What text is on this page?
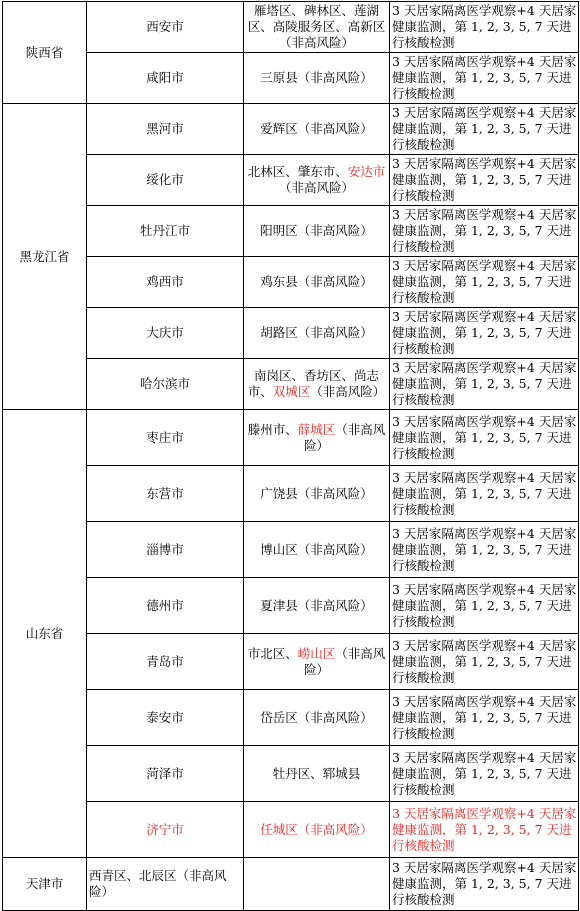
陕西省	西安市	雁塔区、碑林区、莲湖区、高陵服务区、高新区（非高风险）	3 天居家隔离医学观察+4 天居家健康监测，第 1, 2, 3, 5, 7 天进行核酸检测
	咸阳市	三原县（非高风险）	3 天居家隔离医学观察+4 天居家健康监测，第 1, 2, 3, 5, 7 天进行核酸检测
黑龙江省	黑河市	爱辉区（非高风险）	3 天居家隔离医学观察+4 天居家健康监测，第 1, 2, 3, 5, 7 天进行核酸检测
	绥化市	北林区、肇东市、安达市（非高风险）	3 天居家隔离医学观察+4 天居家健康监测，第 1, 2, 3, 5, 7 天进行核酸检测
	牡丹江市	阳明区（非高风险）	3 天居家隔离医学观察+4 天居家健康监测，第 1, 2, 3, 5, 7 天进行核酸检测
	鸡西市	鸡东县（非高风险）	3 天居家隔离医学观察+4 天居家健康监测，第 1, 2, 3, 5, 7 天进行核酸检测
	大庆市	胡路区（非高风险）	3 天居家隔离医学观察+4 天居家健康监测，第 1, 2, 3, 5, 7 天进行核酸检测
	哈尔滨市	南岗区、香坊区、尚志市、双城区（非高风险）	3 天居家隔离医学观察+4 天居家健康监测，第 1, 2, 3, 5, 7 天进行核酸检测
山东省	枣庄市	滕州市、薛城区（非高风险）	3 天居家隔离医学观察+4 天居家健康监测，第 1, 2, 3, 5, 7 天进行核酸检测
	东营市	广饶县（非高风险）	3 天居家隔离医学观察+4 天居家健康监测，第 1, 2, 3, 5, 7 天进行核酸检测
	淄博市	博山区（非高风险）	3 天居家隔离医学观察+4 天居家健康监测，第 1, 2, 3, 5, 7 天进行核酸检测
	德州市	夏津县（非高风险）	3 天居家隔离医学观察+4 天居家健康监测，第 1, 2, 3, 5, 7 天进行核酸检测
	青岛市	市北区、崂山区（非高风险）	3 天居家隔离医学观察+4 天居家健康监测，第 1, 2, 3, 5, 7 天进行核酸检测
	泰安市	岱岳区（非高风险）	3 天居家隔离医学观察+4 天居家健康监测，第 1, 2, 3, 5, 7 天进行核酸检测
	菏泽市	牡丹区、郓城县	3 天居家隔离医学观察+4 天居家健康监测，第 1, 2, 3, 5, 7 天进行核酸检测
	济宁市	任城区（非高风险）	3 天居家隔离医学观察+4 天居家健康监测，第 1, 2, 3, 5, 7 天进行核酸检测
天津市	西青区、北辰区（非高风险）		3 天居家隔离医学观察+4 天居家健康监测，第 1, 2, 3, 5, 7 天进行核酸检测
